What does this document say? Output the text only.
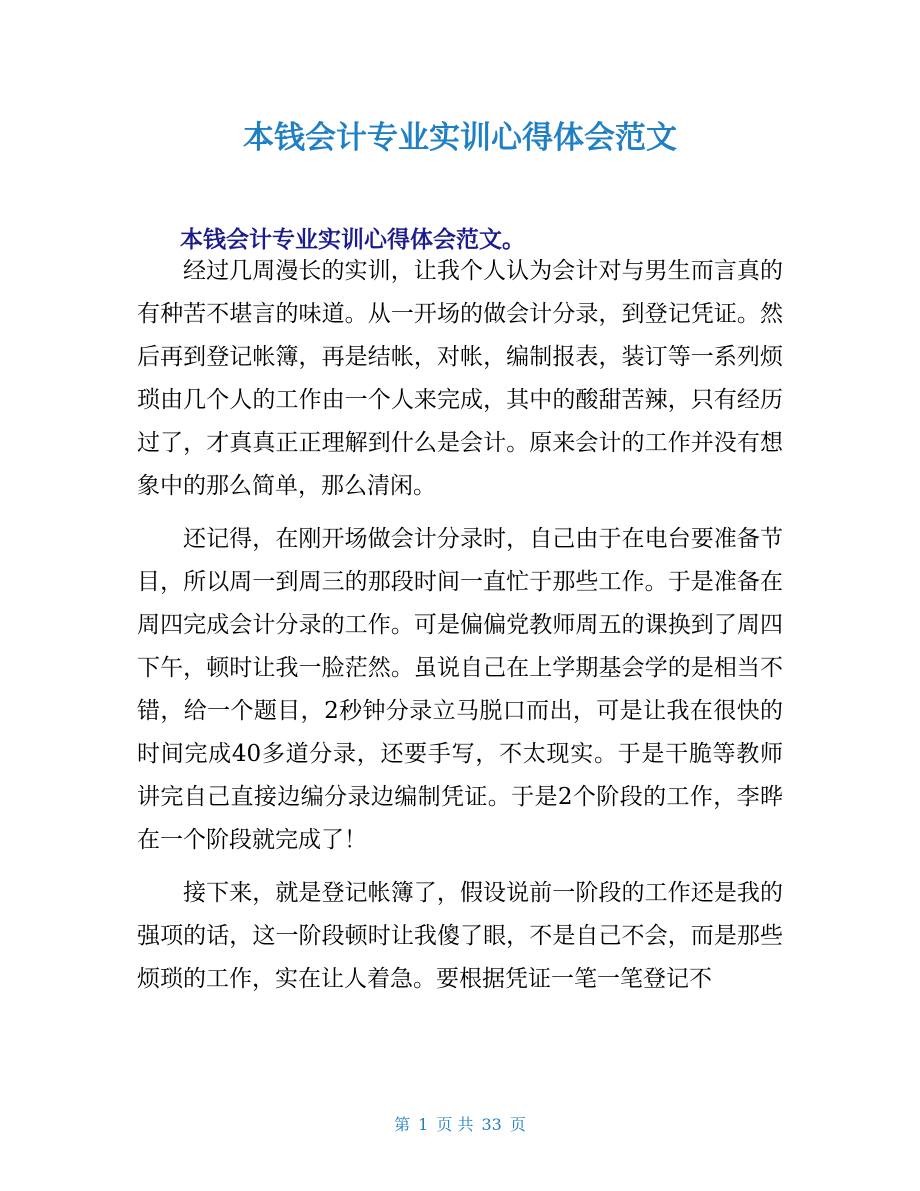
本钱会计专业实训心得体会范文
本钱会计专业实训心得体会范文。

经过几周漫长的实训，让我个人认为会计对与男生而言真的有种苦不堪言的味道。从一开场的做会计分录，到登记凭证。然后再到登记帐簿，再是结帐，对帐，编制报表，装订等一系列烦琐由几个人的工作由一个人来完成，其中的酸甜苦辣，只有经历过了，才真真正正理解到什么是会计。原来会计的工作并没有想象中的那么简单，那么清闲。

还记得，在刚开场做会计分录时，自己由于在电台要准备节目，所以周一到周三的那段时间一直忙于那些工作。于是准备在周四完成会计分录的工作。可是偏偏党教师周五的课换到了周四下午，顿时让我一脸茫然。虽说自己在上学期基会学的是相当不错，给一个题目，2秒钟分录立马脱口而出，可是让我在很快的时间完成40多道分录，还要手写，不太现实。于是干脆等教师讲完自己直接边编分录边编制凭证。于是2个阶段的工作，李晔在一个阶段就完成了！

接下来，就是登记帐簿了，假设说前一阶段的工作还是我的强项的话，这一阶段顿时让我傻了眼，不是自己不会，而是那些烦琐的工作，实在让人着急。要根据凭证一笔一笔登记不

第 1 页 共 33 页
